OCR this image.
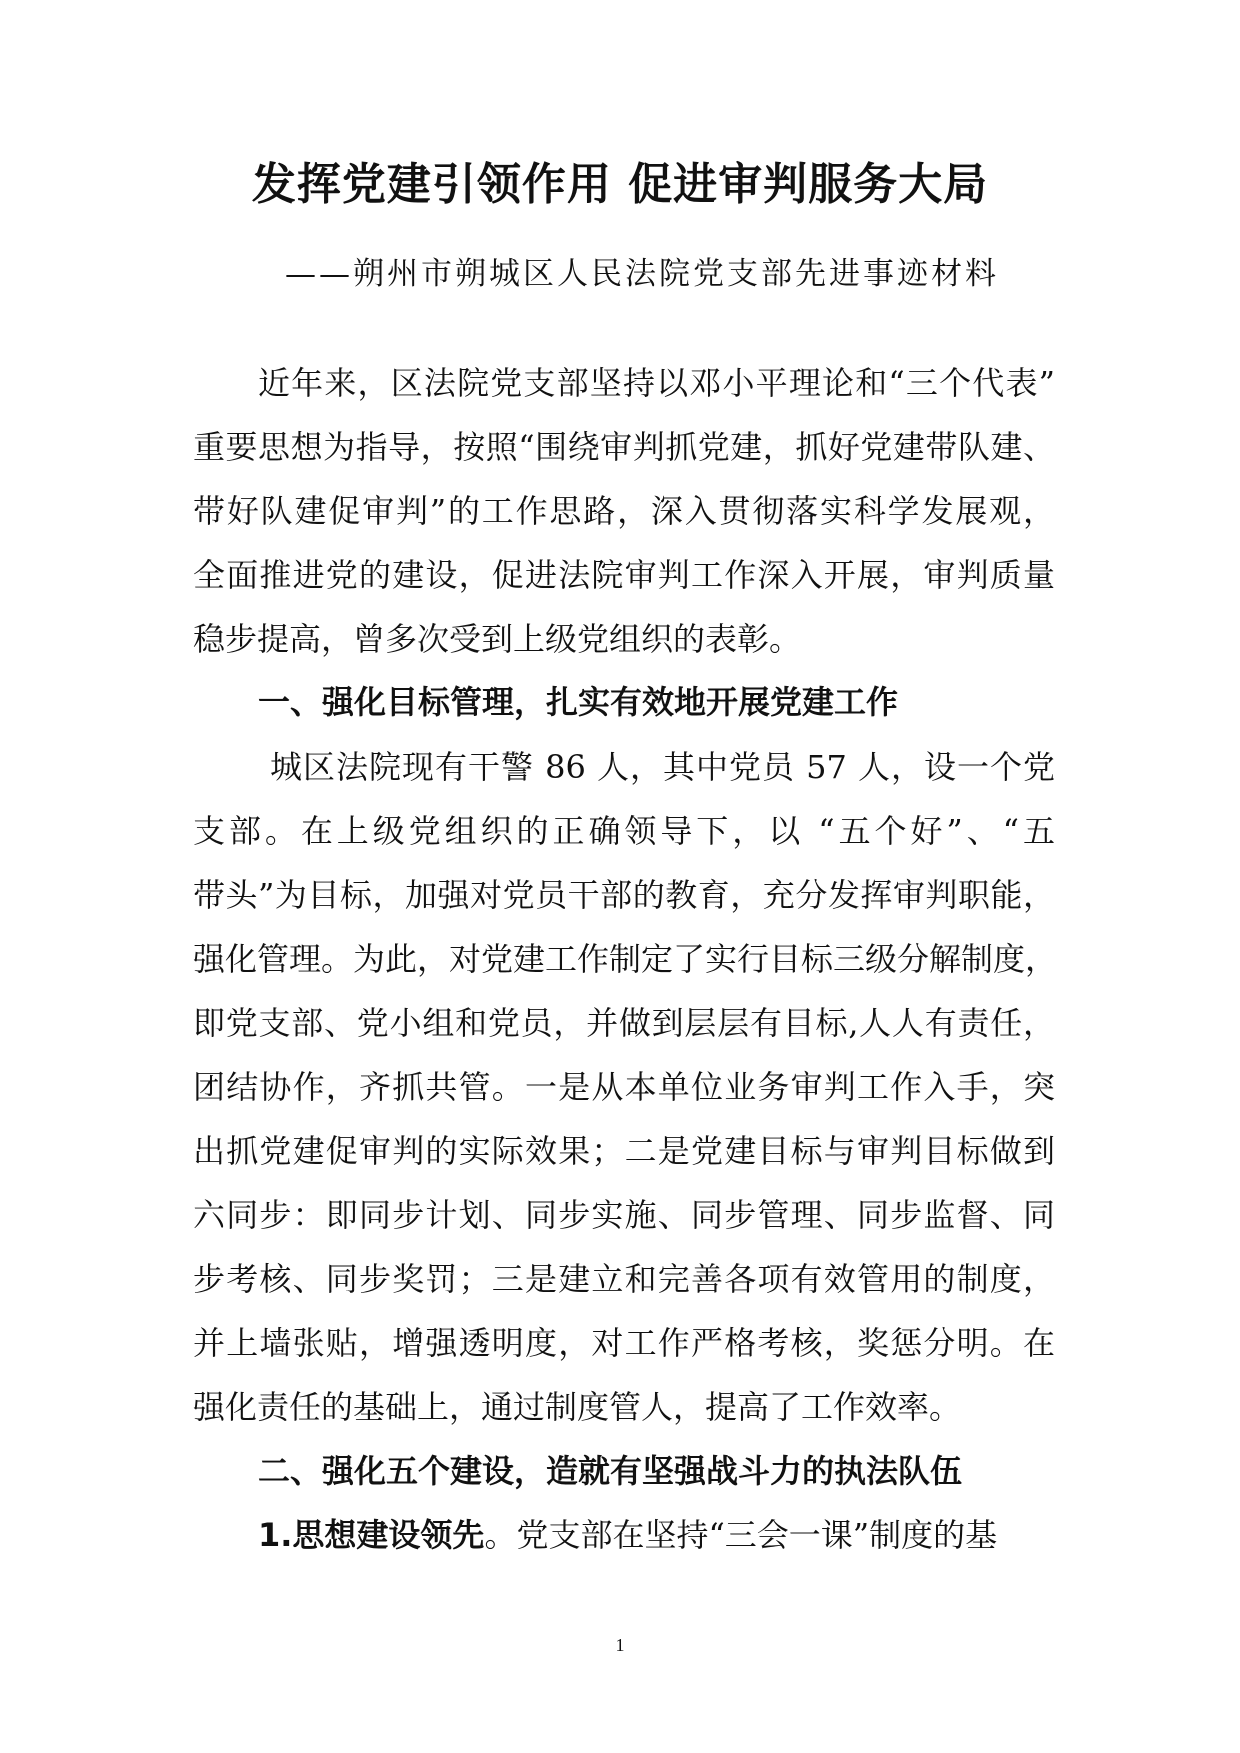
发挥党建引领作用 促进审判服务大局
——朔州市朔城区人民法院党支部先进事迹材料
近年来，区法院党支部坚持以邓小平理论和“三个代表”
重要思想为指导，按照“围绕审判抓党建，抓好党建带队建、
带好队建促审判”的工作思路，深入贯彻落实科学发展观，
全面推进党的建设，促进法院审判工作深入开展，审判质量
稳步提高，曾多次受到上级党组织的表彰。
一、强化目标管理，扎实有效地开展党建工作
城区法院现有干警 86 人，其中党员 57 人，设一个党
支部。在上级党组织的正确领导下，以 “五个好”、“五
带头”为目标，加强对党员干部的教育，充分发挥审判职能，
强化管理。为此，对党建工作制定了实行目标三级分解制度，
即党支部、党小组和党员，并做到层层有目标,人人有责任，
团结协作，齐抓共管。一是从本单位业务审判工作入手，突
出抓党建促审判的实际效果；二是党建目标与审判目标做到
六同步：即同步计划、同步实施、同步管理、同步监督、同
步考核、同步奖罚；三是建立和完善各项有效管用的制度，
并上墙张贴，增强透明度，对工作严格考核，奖惩分明。在
强化责任的基础上，通过制度管人，提高了工作效率。
二、强化五个建设，造就有坚强战斗力的执法队伍
1.思想建设领先。党支部在坚持“三会一课”制度的基
1
